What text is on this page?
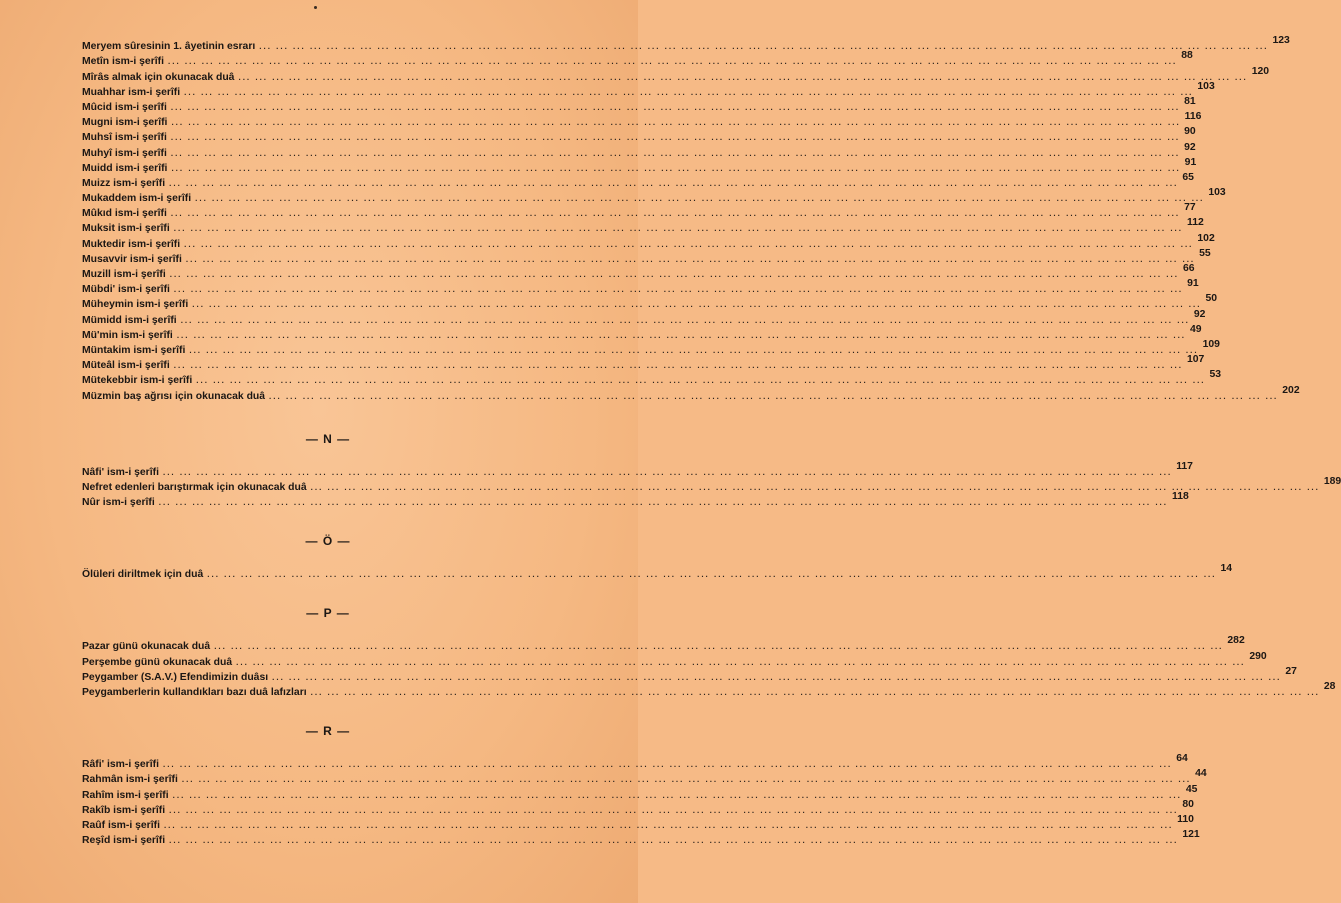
Meryem sûresinin 1. âyetinin esrarı ... ... ... ... ... ... ... ... ... ... ... ... ... ... ... ... ... ... ... ... ... ... ... ... ... ... ... ... ... ... ... ... ... ... ... ... ... ... ... ... ... ... ... ... ... ... ... ... ... ... ... ... ... ... ... ... ... ... ... ...
123
Metîn ism-i şerîfi ... ... ... ... ... ... ... ... ... ... ... ... ... ... ... ... ... ... ... ... ... ... ... ... ... ... ... ... ... ... ... ... ... ... ... ... ... ... ... ... ... ... ... ... ... ... ... ... ... ... ... ... ... ... ... ... ... ... ... ...
88
Mîrâs almak için okunacak duâ ... ... ... ... ... ... ... ... ... ... ... ... ... ... ... ... ... ... ... ... ... ... ... ... ... ... ... ... ... ... ... ... ... ... ... ... ... ... ... ... ... ... ... ... ... ... ... ... ... ... ... ... ... ... ... ... ... ... ... ...
120
Muahhar ism-i şerîfi ... ... ... ... ... ... ... ... ... ... ... ... ... ... ... ... ... ... ... ... ... ... ... ... ... ... ... ... ... ... ... ... ... ... ... ... ... ... ... ... ... ... ... ... ... ... ... ... ... ... ... ... ... ... ... ... ... ... ... ...
103
Mûcid ism-i şerîfi ... ... ... ... ... ... ... ... ... ... ... ... ... ... ... ... ... ... ... ... ... ... ... ... ... ... ... ... ... ... ... ... ... ... ... ... ... ... ... ... ... ... ... ... ... ... ... ... ... ... ... ... ... ... ... ... ... ... ... ...
81
Mugni ism-i şerîfi ... ... ... ... ... ... ... ... ... ... ... ... ... ... ... ... ... ... ... ... ... ... ... ... ... ... ... ... ... ... ... ... ... ... ... ... ... ... ... ... ... ... ... ... ... ... ... ... ... ... ... ... ... ... ... ... ... ... ... ...
116
Muhsî ism-i şerîfi ... ... ... ... ... ... ... ... ... ... ... ... ... ... ... ... ... ... ... ... ... ... ... ... ... ... ... ... ... ... ... ... ... ... ... ... ... ... ... ... ... ... ... ... ... ... ... ... ... ... ... ... ... ... ... ... ... ... ... ...
90
Muhyî ism-i şerîfi ... ... ... ... ... ... ... ... ... ... ... ... ... ... ... ... ... ... ... ... ... ... ... ... ... ... ... ... ... ... ... ... ... ... ... ... ... ... ... ... ... ... ... ... ... ... ... ... ... ... ... ... ... ... ... ... ... ... ... ...
92
Muidd ism-i şerîfi ... ... ... ... ... ... ... ... ... ... ... ... ... ... ... ... ... ... ... ... ... ... ... ... ... ... ... ... ... ... ... ... ... ... ... ... ... ... ... ... ... ... ... ... ... ... ... ... ... ... ... ... ... ... ... ... ... ... ... ...
91
Muizz ism-i şerîfi ... ... ... ... ... ... ... ... ... ... ... ... ... ... ... ... ... ... ... ... ... ... ... ... ... ... ... ... ... ... ... ... ... ... ... ... ... ... ... ... ... ... ... ... ... ... ... ... ... ... ... ... ... ... ... ... ... ... ... ...
65
Mukaddem ism-i şerîfi ... ... ... ... ... ... ... ... ... ... ... ... ... ... ... ... ... ... ... ... ... ... ... ... ... ... ... ... ... ... ... ... ... ... ... ... ... ... ... ... ... ... ... ... ... ... ... ... ... ... ... ... ... ... ... ... ... ... ... ...
103
Mûkıd ism-i şerîfi ... ... ... ... ... ... ... ... ... ... ... ... ... ... ... ... ... ... ... ... ... ... ... ... ... ... ... ... ... ... ... ... ... ... ... ... ... ... ... ... ... ... ... ... ... ... ... ... ... ... ... ... ... ... ... ... ... ... ... ...
77
Muksit ism-i şerîfi ... ... ... ... ... ... ... ... ... ... ... ... ... ... ... ... ... ... ... ... ... ... ... ... ... ... ... ... ... ... ... ... ... ... ... ... ... ... ... ... ... ... ... ... ... ... ... ... ... ... ... ... ... ... ... ... ... ... ... ...
112
Muktedir ism-i şerîfi ... ... ... ... ... ... ... ... ... ... ... ... ... ... ... ... ... ... ... ... ... ... ... ... ... ... ... ... ... ... ... ... ... ... ... ... ... ... ... ... ... ... ... ... ... ... ... ... ... ... ... ... ... ... ... ... ... ... ... ...
102
Musavvir ism-i şerîfi ... ... ... ... ... ... ... ... ... ... ... ... ... ... ... ... ... ... ... ... ... ... ... ... ... ... ... ... ... ... ... ... ... ... ... ... ... ... ... ... ... ... ... ... ... ... ... ... ... ... ... ... ... ... ... ... ... ... ... ...
55
Muzill ism-i şerîfi ... ... ... ... ... ... ... ... ... ... ... ... ... ... ... ... ... ... ... ... ... ... ... ... ... ... ... ... ... ... ... ... ... ... ... ... ... ... ... ... ... ... ... ... ... ... ... ... ... ... ... ... ... ... ... ... ... ... ... ...
66
Mübdi' ism-i şerîfi ... ... ... ... ... ... ... ... ... ... ... ... ... ... ... ... ... ... ... ... ... ... ... ... ... ... ... ... ... ... ... ... ... ... ... ... ... ... ... ... ... ... ... ... ... ... ... ... ... ... ... ... ... ... ... ... ... ... ... ...
91
Müheymin ism-i şerîfi ... ... ... ... ... ... ... ... ... ... ... ... ... ... ... ... ... ... ... ... ... ... ... ... ... ... ... ... ... ... ... ... ... ... ... ... ... ... ... ... ... ... ... ... ... ... ... ... ... ... ... ... ... ... ... ... ... ... ... ...
50
Mümidd ism-i şerîfi ... ... ... ... ... ... ... ... ... ... ... ... ... ... ... ... ... ... ... ... ... ... ... ... ... ... ... ... ... ... ... ... ... ... ... ... ... ... ... ... ... ... ... ... ... ... ... ... ... ... ... ... ... ... ... ... ... ... ... ...
92
Mü'min ism-i şerîfi ... ... ... ... ... ... ... ... ... ... ... ... ... ... ... ... ... ... ... ... ... ... ... ... ... ... ... ... ... ... ... ... ... ... ... ... ... ... ... ... ... ... ... ... ... ... ... ... ... ... ... ... ... ... ... ... ... ... ... ...
49
Müntakim ism-i şerîfi ... ... ... ... ... ... ... ... ... ... ... ... ... ... ... ... ... ... ... ... ... ... ... ... ... ... ... ... ... ... ... ... ... ... ... ... ... ... ... ... ... ... ... ... ... ... ... ... ... ... ... ... ... ... ... ... ... ... ... ...
109
Müteâl ism-i şerîfi ... ... ... ... ... ... ... ... ... ... ... ... ... ... ... ... ... ... ... ... ... ... ... ... ... ... ... ... ... ... ... ... ... ... ... ... ... ... ... ... ... ... ... ... ... ... ... ... ... ... ... ... ... ... ... ... ... ... ... ...
107
Mütekebbir ism-i şerîfi ... ... ... ... ... ... ... ... ... ... ... ... ... ... ... ... ... ... ... ... ... ... ... ... ... ... ... ... ... ... ... ... ... ... ... ... ... ... ... ... ... ... ... ... ... ... ... ... ... ... ... ... ... ... ... ... ... ... ... ...
53
Müzmin baş ağrısı için okunacak duâ ... ... ... ... ... ... ... ... ... ... ... ... ... ... ... ... ... ... ... ... ... ... ... ... ... ... ... ... ... ... ... ... ... ... ... ... ... ... ... ... ... ... ... ... ... ... ... ... ... ... ... ... ... ... ... ... ... ... ... ...
202
— N —
Nâfi' ism-i şerîfi ... ... ... ... ... ... ... ... ... ... ... ... ... ... ... ... ... ... ... ... ... ... ... ... ... ... ... ... ... ... ... ... ... ... ... ... ... ... ... ... ... ... ... ... ... ... ... ... ... ... ... ... ... ... ... ... ... ... ... ...
117
Nefret edenleri barıştırmak için okunacak duâ ... ... ... ... ... ... ... ... ... ... ... ... ... ... ... ... ... ... ... ... ... ... ... ... ... ... ... ... ... ... ... ... ... ... ... ... ... ... ... ... ... ... ... ... ... ... ... ... ... ... ... ... ... ... ... ... ... ... ... ...
189
Nûr ism-i şerîfi ... ... ... ... ... ... ... ... ... ... ... ... ... ... ... ... ... ... ... ... ... ... ... ... ... ... ... ... ... ... ... ... ... ... ... ... ... ... ... ... ... ... ... ... ... ... ... ... ... ... ... ... ... ... ... ... ... ... ... ...
118
— Ö —
Ölüleri diriltmek için duâ ... ... ... ... ... ... ... ... ... ... ... ... ... ... ... ... ... ... ... ... ... ... ... ... ... ... ... ... ... ... ... ... ... ... ... ... ... ... ... ... ... ... ... ... ... ... ... ... ... ... ... ... ... ... ... ... ... ... ... ...
14
— P —
Pazar günü okunacak duâ ... ... ... ... ... ... ... ... ... ... ... ... ... ... ... ... ... ... ... ... ... ... ... ... ... ... ... ... ... ... ... ... ... ... ... ... ... ... ... ... ... ... ... ... ... ... ... ... ... ... ... ... ... ... ... ... ... ... ... ...
282
Perşembe günü okunacak duâ ... ... ... ... ... ... ... ... ... ... ... ... ... ... ... ... ... ... ... ... ... ... ... ... ... ... ... ... ... ... ... ... ... ... ... ... ... ... ... ... ... ... ... ... ... ... ... ... ... ... ... ... ... ... ... ... ... ... ... ...
290
Peygamber (S.A.V.) Efendimizin duâsı ... ... ... ... ... ... ... ... ... ... ... ... ... ... ... ... ... ... ... ... ... ... ... ... ... ... ... ... ... ... ... ... ... ... ... ... ... ... ... ... ... ... ... ... ... ... ... ... ... ... ... ... ... ... ... ... ... ... ... ...
27
Peygamberlerin kullandıkları bazı duâ lafızları ... ... ... ... ... ... ... ... ... ... ... ... ... ... ... ... ... ... ... ... ... ... ... ... ... ... ... ... ... ... ... ... ... ... ... ... ... ... ... ... ... ... ... ... ... ... ... ... ... ... ... ... ... ... ... ... ... ... ... ...
28
— R —
Râfi' ism-i şerîfi ... ... ... ... ... ... ... ... ... ... ... ... ... ... ... ... ... ... ... ... ... ... ... ... ... ... ... ... ... ... ... ... ... ... ... ... ... ... ... ... ... ... ... ... ... ... ... ... ... ... ... ... ... ... ... ... ... ... ... ...
64
Rahmân ism-i şerîfi ... ... ... ... ... ... ... ... ... ... ... ... ... ... ... ... ... ... ... ... ... ... ... ... ... ... ... ... ... ... ... ... ... ... ... ... ... ... ... ... ... ... ... ... ... ... ... ... ... ... ... ... ... ... ... ... ... ... ... ...
44
Rahîm ism-i şerîfi ... ... ... ... ... ... ... ... ... ... ... ... ... ... ... ... ... ... ... ... ... ... ... ... ... ... ... ... ... ... ... ... ... ... ... ... ... ... ... ... ... ... ... ... ... ... ... ... ... ... ... ... ... ... ... ... ... ... ... ...
45
Rakîb ism-i şerîfi ... ... ... ... ... ... ... ... ... ... ... ... ... ... ... ... ... ... ... ... ... ... ... ... ... ... ... ... ... ... ... ... ... ... ... ... ... ... ... ... ... ... ... ... ... ... ... ... ... ... ... ... ... ... ... ... ... ... ... ...
80
Raûf ism-i şerîfi ... ... ... ... ... ... ... ... ... ... ... ... ... ... ... ... ... ... ... ... ... ... ... ... ... ... ... ... ... ... ... ... ... ... ... ... ... ... ... ... ... ... ... ... ... ... ... ... ... ... ... ... ... ... ... ... ... ... ... ...
110
Reşîd ism-i şerîfi ... ... ... ... ... ... ... ... ... ... ... ... ... ... ... ... ... ... ... ... ... ... ... ... ... ... ... ... ... ... ... ... ... ... ... ... ... ... ... ... ... ... ... ... ... ... ... ... ... ... ... ... ... ... ... ... ... ... ... ...
121
